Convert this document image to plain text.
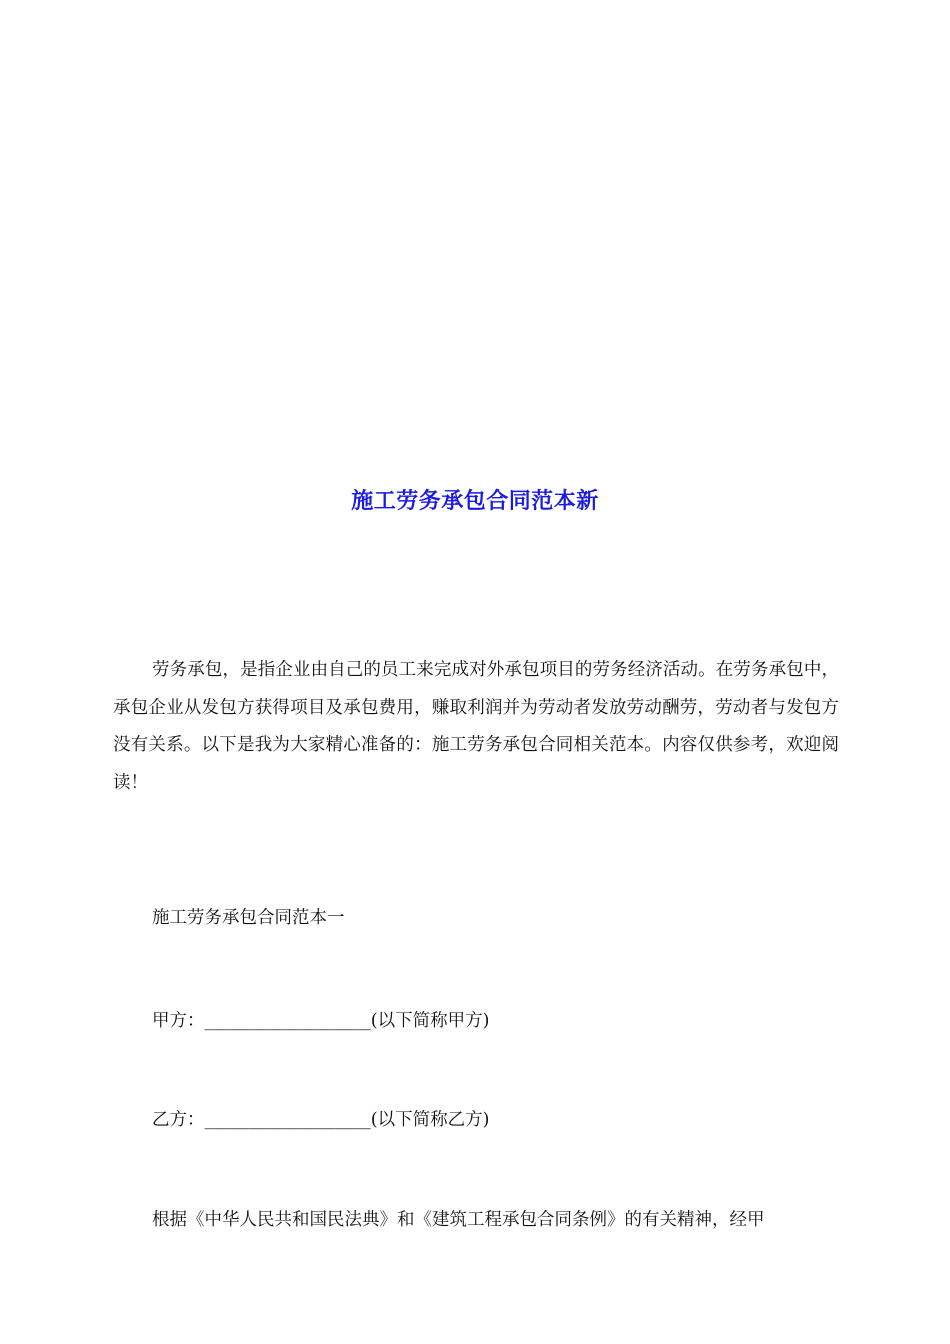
施工劳务承包合同范本新

劳务承包，是指企业由自己的员工来完成对外承包项目的劳务经济活动。在劳务承包中，承包企业从发包方获得项目及承包费用，赚取利润并为劳动者发放劳动酬劳，劳动者与发包方没有关系。以下是我为大家精心准备的：施工劳务承包合同相关范本。内容仅供参考，欢迎阅读！

施工劳务承包合同范本一

甲方：___________________(以下简称甲方)

乙方：___________________(以下简称乙方)

根据《中华人民共和国民法典》和《建筑工程承包合同条例》的有关精神，经甲
